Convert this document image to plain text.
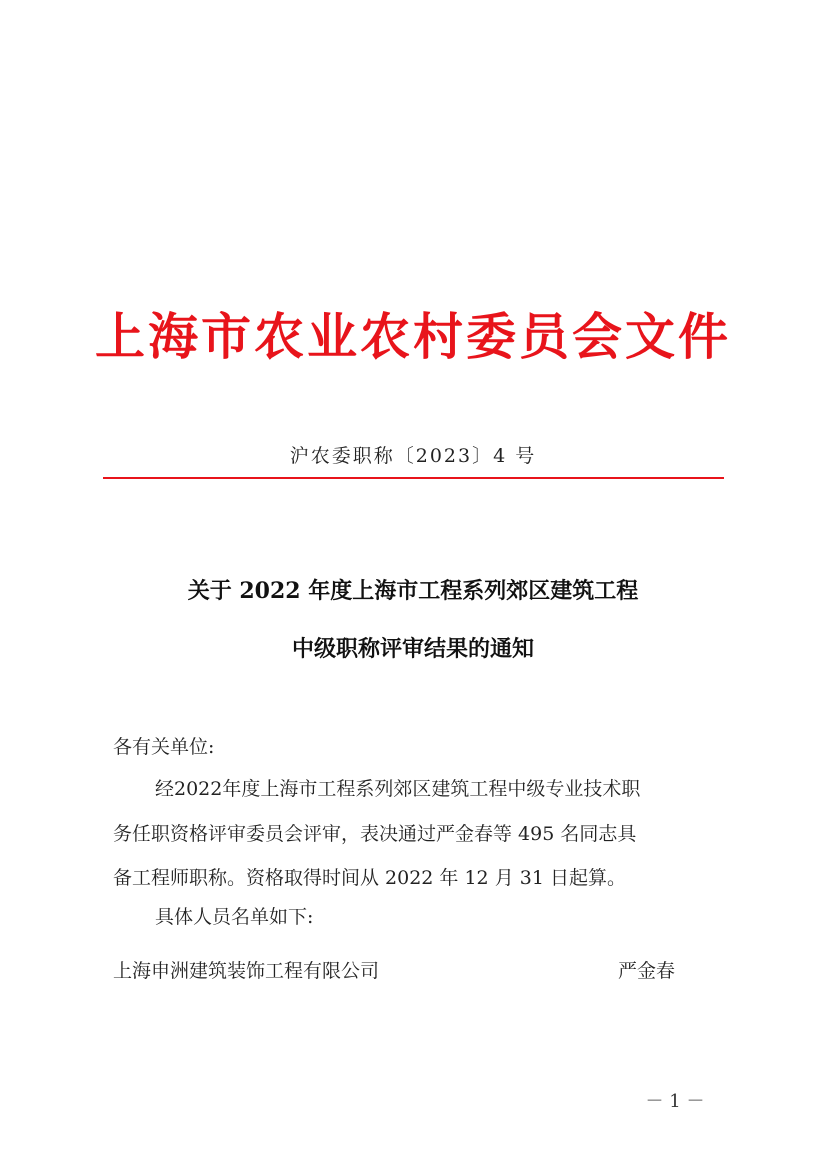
上海市农业农村委员会文件
沪农委职称〔2023〕4 号
关于 2022 年度上海市工程系列郊区建筑工程
中级职称评审结果的通知
各有关单位:
经2022年度上海市工程系列郊区建筑工程中级专业技术职
务任职资格评审委员会评审，表决通过严金春等 495 名同志具
备工程师职称。资格取得时间从 2022 年 12 月 31 日起算。
具体人员名单如下:
上海申洲建筑装饰工程有限公司	严金春
－ 1 －
